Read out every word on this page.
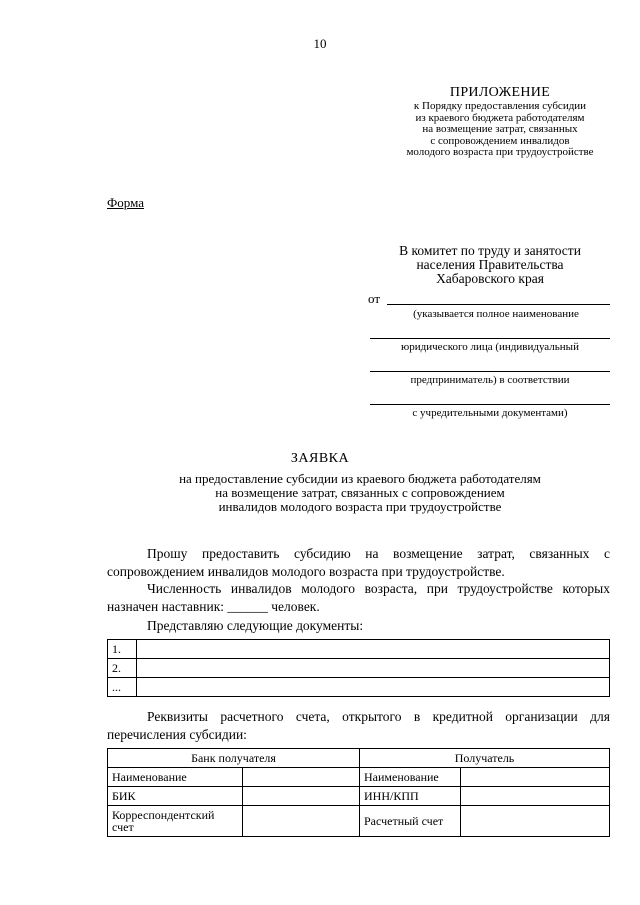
10
ПРИЛОЖЕНИЕ
к Порядку предоставления субсидии
из краевого бюджета работодателям
на возмещение затрат, связанных
с сопровождением инвалидов
молодого возраста при трудоустройстве
Форма
В комитет по труду и занятости
населения Правительства
Хабаровского края
от
(указывается полное наименование
юридического лица (индивидуальный
предприниматель) в соответствии
с учредительными документами)
ЗАЯВКА
на предоставление субсидии из краевого бюджета работодателям
на возмещение затрат, связанных с сопровождением
инвалидов молодого возраста при трудоустройстве
Прошу предоставить субсидию на возмещение затрат, связанных с сопровождением инвалидов молодого возраста при трудоустройстве.
Численность инвалидов молодого возраста, при трудоустройстве которых назначен наставник: ______ человек.
Представляю следующие документы:
1.	
2.	
...	
Реквизиты расчетного счета, открытого в кредитной организации для перечисления субсидии:
Банк получателя		Получатель	
Наименование		Наименование	
БИК		ИНН/КПП	
Корреспондентский счет		Расчетный счет	
